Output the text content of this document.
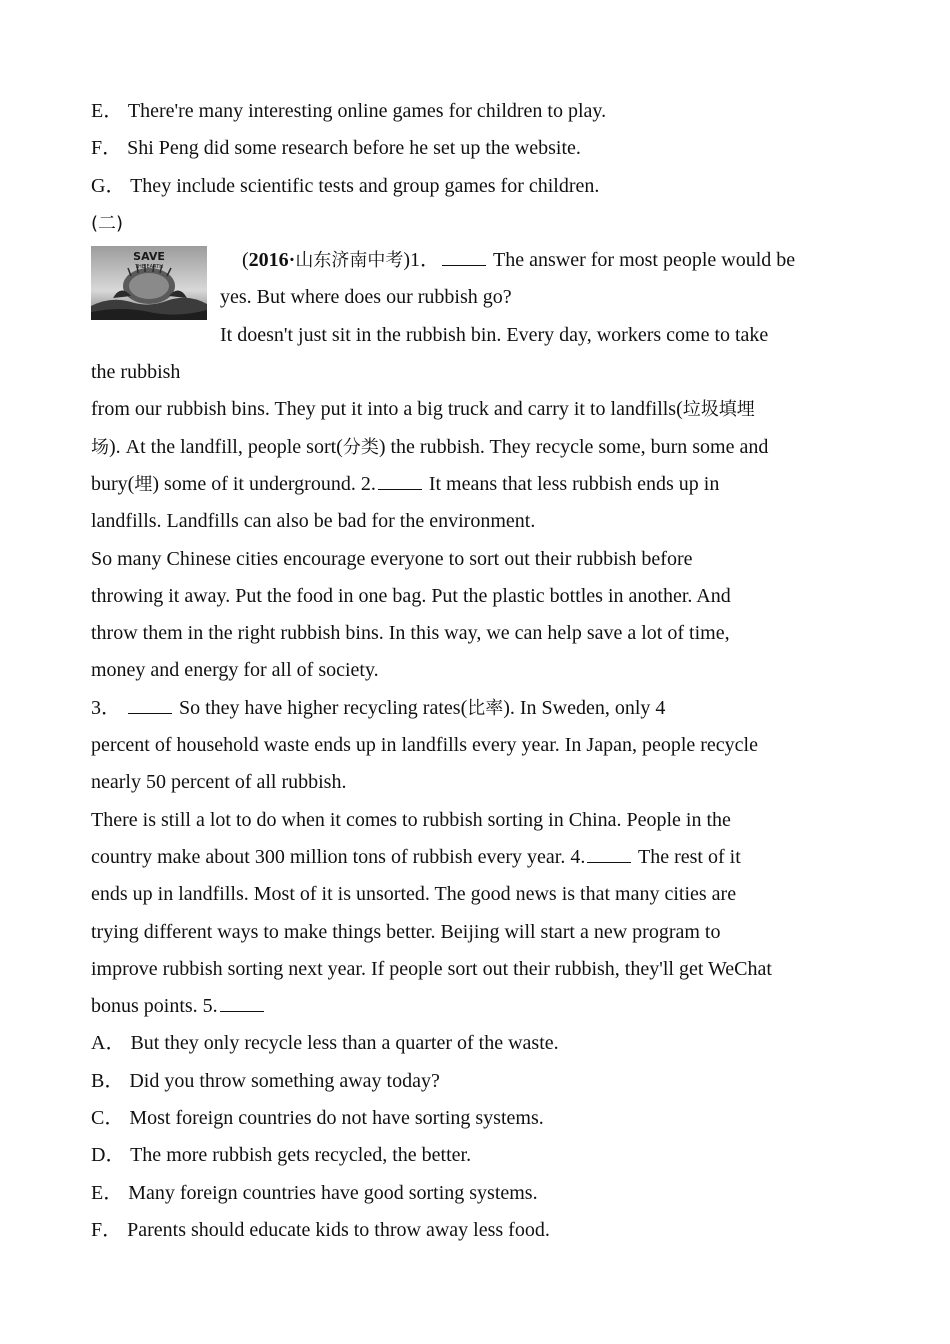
E． There're many interesting online games for children to play.
F． Shi Peng did some research before he set up the website.
G． They include scientific tests and group games for children.
(二)
SAVE
THE EARTH	(2016·山东济南中考)1．	The answer for most people would be
yes. But where does our rubbish go?
It doesn't just sit in the rubbish bin. Every day, workers come to take
the rubbish
from our rubbish bins. They put it into a big truck and carry it to landfills(垃圾填埋
场). At the landfill, people sort(分类) the rubbish. They recycle some, burn some and
bury(埋) some of it underground. 2.	It means that less rubbish ends up in
landfills. Landfills can also be bad for the environment.
So many Chinese cities encourage everyone to sort out their rubbish before
throwing it away. Put the food in one bag. Put the plastic bottles in another. And
throw them in the right rubbish bins. In this way, we can help save a lot of time,
money and energy for all of society.
3．	So they have higher recycling rates(比率). In Sweden, only 4
percent of household waste ends up in landfills every year. In Japan, people recycle
nearly 50 percent of all rubbish.
There is still a lot to do when it comes to rubbish sorting in China. People in the
country make about 300 million tons of rubbish every year. 4.	The rest of it
ends up in landfills. Most of it is unsorted. The good news is that many cities are
trying different ways to make things better. Beijing will start a new program to
improve rubbish sorting next year. If people sort out their rubbish, they'll get WeChat
bonus points. 5.
A． But they only recycle less than a quarter of the waste.
B． Did you throw something away today?
C． Most foreign countries do not have sorting systems.
D． The more rubbish gets recycled, the better.
E． Many foreign countries have good sorting systems.
F． Parents should educate kids to throw away less food.
